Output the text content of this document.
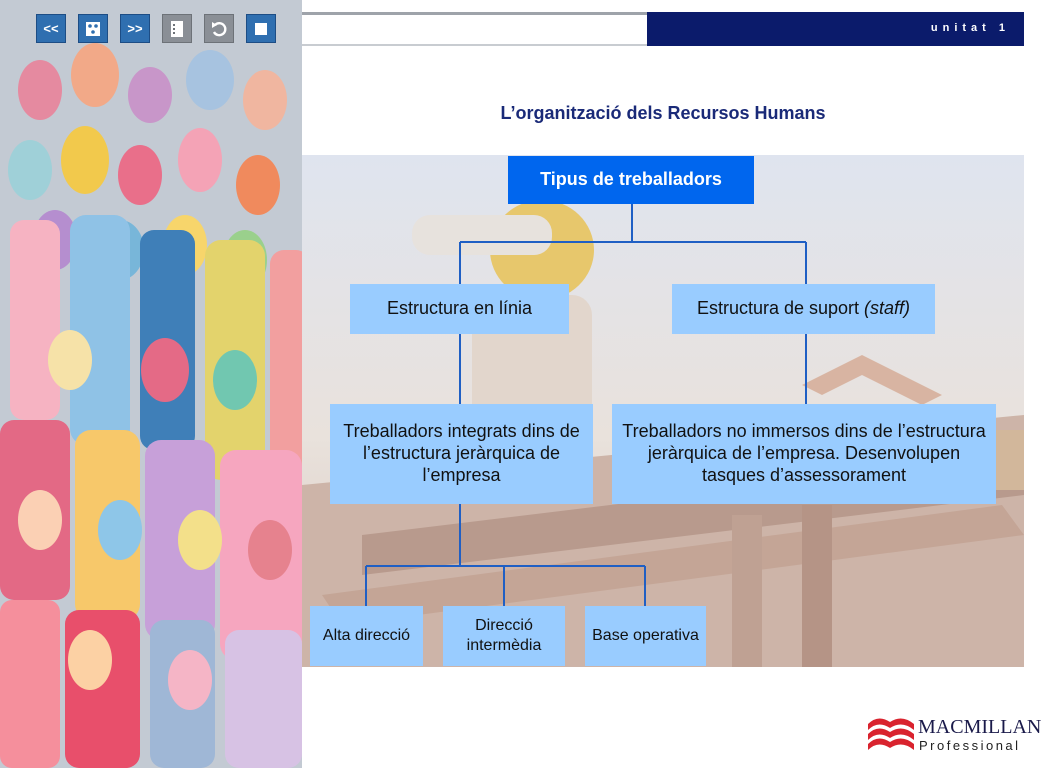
<<	>>	unitat 1
L’organització dels Recursos Humans
Tipus de treballadors
Estructura en línia	Estructura de suport (staff)
Treballadors integrats dins de l’estructura jeràrquica de l’empresa
Treballadors no immersos dins de l’estructura jeràrquica de l’empresa. Desenvolupen tasques d’assessorament
Alta direcció
Direcció intermèdia
Base operativa
MACMILLAN
Professional
